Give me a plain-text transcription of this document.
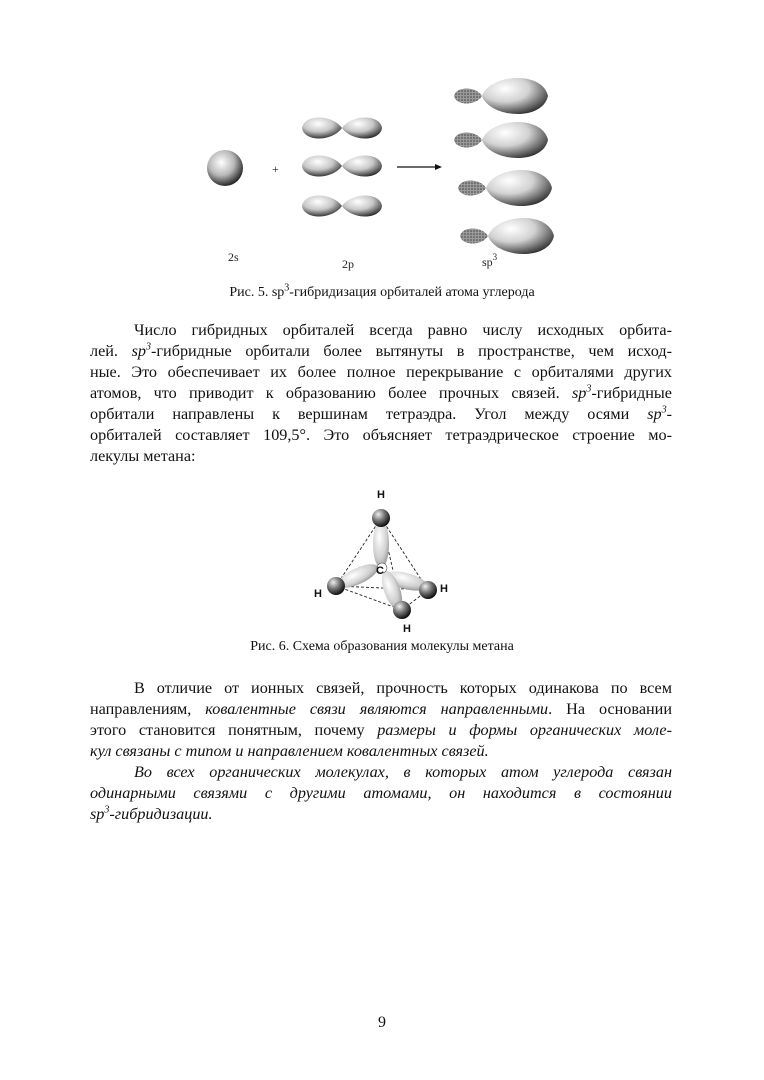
+
2s	2p	$sp^3$
Рис. 5. $sp^3$-гибридизация орбиталей атома углерода
Число гибридных орбиталей всегда равно числу исходных орбита-
лей. $sp^3$-гибридные орбитали более вытянуты в пространстве, чем исход-
ные. Это обеспечивает их более полное перекрывание с орбиталями других
атомов, что приводит к образованию более прочных связей. $sp^3$-гибридные
орбитали направлены к вершинам тетраэдра. Угол между осями $sp^3-$
орбиталей составляет 109,5°. Это объясняет тетраэдрическое строение мо-
лекулы метана:
C
H
H	H
H
Рис. 6. Схема образования молекулы метана
В отличие от ионных связей, прочность которых одинакова по всем
направлениям, ковалентные связи являются направленными. На основании
этого становится понятным, почему размеры и формы органических моле-
кул связаны с типом и направлением ковалентных связей.
Во всех органических молекулах, в которых атом углерода связан
одинарными связями с другими атомами, он находится в состоянии
$sp^3$-гибридизации.
9
